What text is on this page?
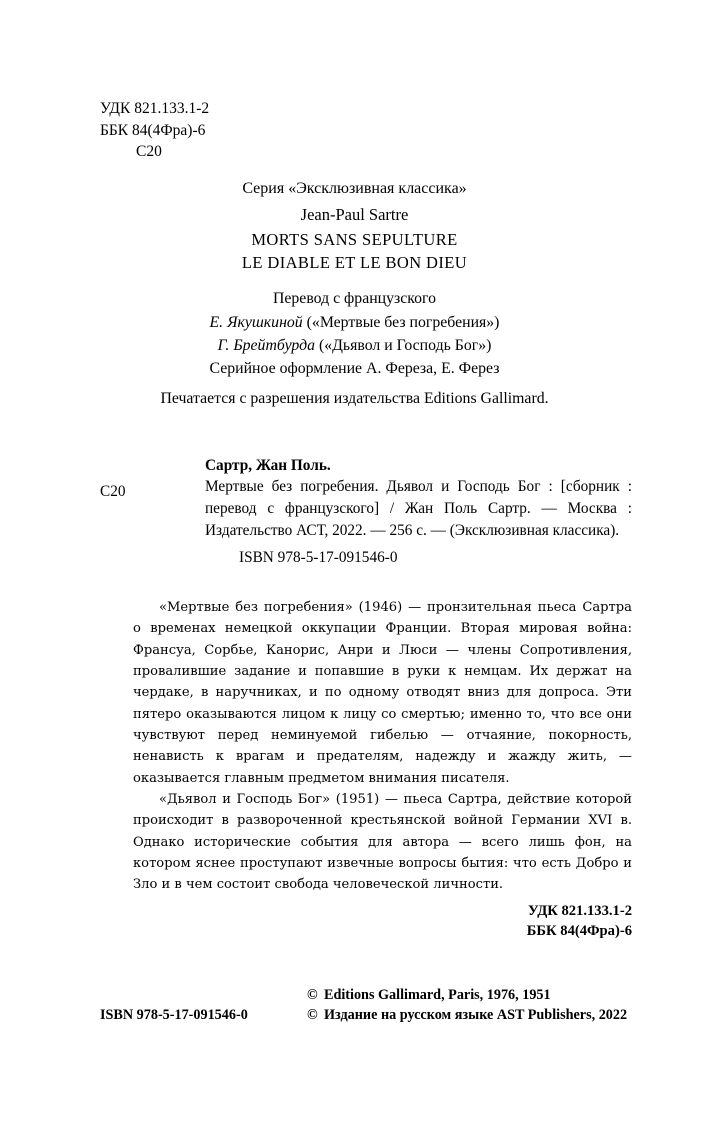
УДК 821.133.1-2
ББК 84(4Фра)-6
С20
Серия «Эксклюзивная классика»
Jean-Paul Sartre
MORTS SANS SEPULTURE
LE DIABLE ET LE BON DIEU
Перевод с французского
Е. Якушкиной («Мертвые без погребения»)
Г. Брейтбурда («Дьявол и Господь Бог»)
Серийное оформление А. Фереза, Е. Ферез
Печатается с разрешения издательства Editions Gallimard.
С20
Сартр, Жан Поль.
Мертвые без погребения. Дьявол и Господь Бог : [сборник : перевод с французского] / Жан Поль Сартр. — Москва : Издательство АСТ, 2022. — 256 с. — (Эксклюзивная классика).
ISBN 978-5-17-091546-0

«Мертвые без погребения» (1946) — пронзительная пьеса Сартра о временах немецкой оккупации Франции. Вторая мировая война: Франсуа, Сорбье, Канорис, Анри и Люси — члены Сопротивления, провалившие задание и попавшие в руки к немцам. Их держат на чердаке, в наручниках, и по одному отводят вниз для допроса. Эти пятеро оказываются лицом к лицу со смертью; именно то, что все они чувствуют перед неминуемой гибелью — отчаяние, покорность, ненависть к врагам и предателям, надежду и жажду жить, — оказывается главным предметом внимания писателя.

«Дьявол и Господь Бог» (1951) — пьеса Сартра, действие которой происходит в развороченной крестьянской войной Германии XVI в. Однако исторические события для автора — всего лишь фон, на котором яснее проступают извечные вопросы бытия: что есть Добро и Зло и в чем состоит свобода человеческой личности.

УДК 821.133.1-2
ББК 84(4Фра)-6
© Editions Gallimard, Paris, 1976, 1951
ISBN 978-5-17-091546-0	© Издание на русском языке AST Publishers, 2022
